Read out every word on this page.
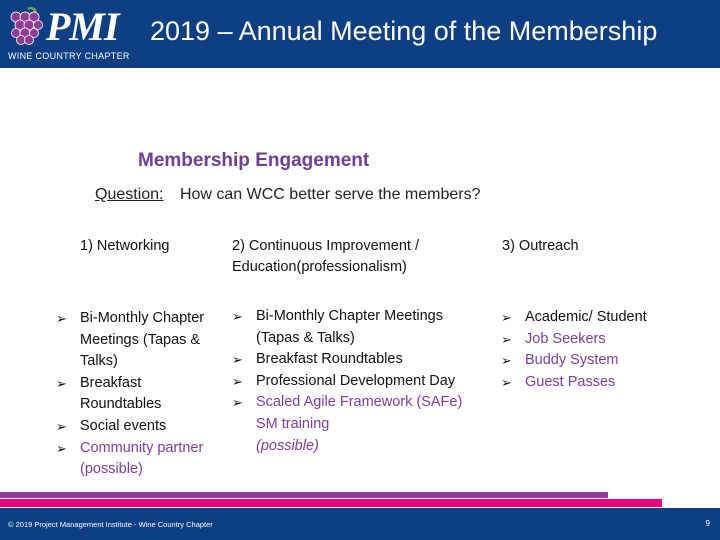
PMI
WINE COUNTRY CHAPTER
2019 – Annual Meeting of the Membership
Membership Engagement
Question: How can WCC better serve the members?
1) Networking	2) Continuous Improvement / Education(professionalism)
3) Outreach
➢ Bi-Monthly Chapter Meetings (Tapas & Talks)
➢ Breakfast Roundtables
➢ Social events
➢ Community partner (possible)
➢ Bi-Monthly Chapter Meetings (Tapas & Talks)
➢ Breakfast Roundtables
➢ Professional Development Day
➢ Scaled Agile Framework (SAFe) SM training
(possible)
➢ Academic/ Student
➢ Job Seekers
➢ Buddy System
➢ Guest Passes
© 2019 Project Management Institute - Wine Country Chapter	9
